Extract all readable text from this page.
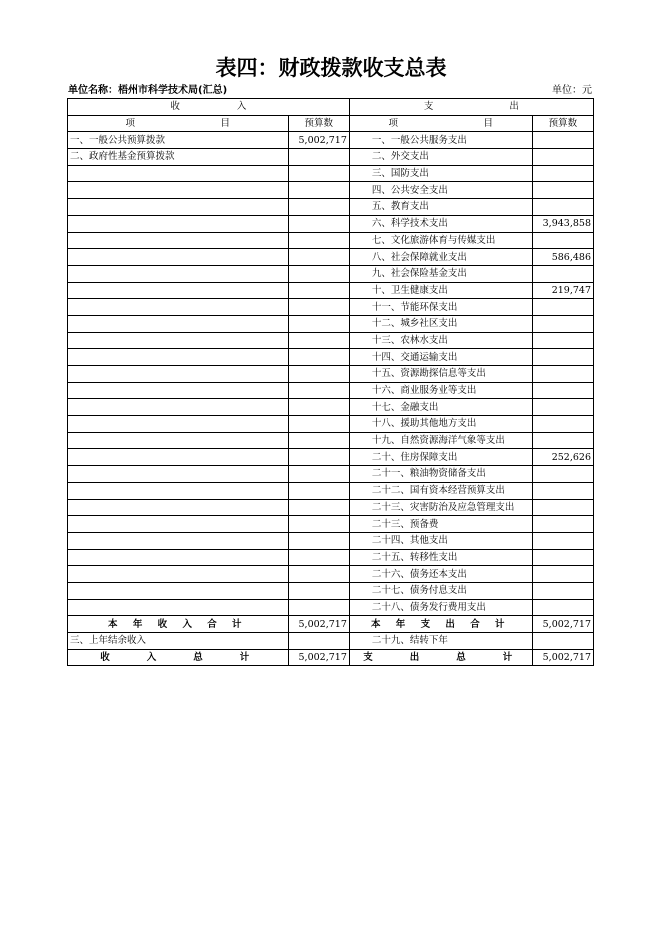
表四：财政拨款收支总表
单位名称：梧州市科学技术局(汇总)	单位：元
收　　　　　　入		支　　　　　　　　出	
项　　　　　　　　　目	预算数	项　　　　　　　　　目	预算数
一、一般公共预算拨款	5,002,717	一、一般公共服务支出	
二、政府性基金预算拨款		二、外交支出	
		三、国防支出	
		四、公共安全支出	
		五、教育支出	
		六、科学技术支出	3,943,858
		七、文化旅游体育与传媒支出	
		八、社会保障就业支出	586,486
		九、社会保险基金支出	
		十、卫生健康支出	219,747
		十一、节能环保支出	
		十二、城乡社区支出	
		十三、农林水支出	
		十四、交通运输支出	
		十五、资源勘探信息等支出	
		十六、商业服务业等支出	
		十七、金融支出	
		十八、援助其他地方支出	
		十九、自然资源海洋气象等支出	
		二十、住房保障支出	252,626
		二十一、粮油物资储备支出	
		二十二、国有资本经营预算支出	
		二十三、灾害防治及应急管理支出	
		二十三、预备费	
		二十四、其他支出	
		二十五、转移性支出	
		二十六、债务还本支出	
		二十七、债务付息支出	
		二十八、债务发行费用支出	
本 年 收 入 合 计	5,002,717	本 年 支 出 合 计	5,002,717
三、上年结余收入		二十九、结转下年	
收　　入　　总　　计	5,002,717	支　　出　　总　　计	5,002,717
